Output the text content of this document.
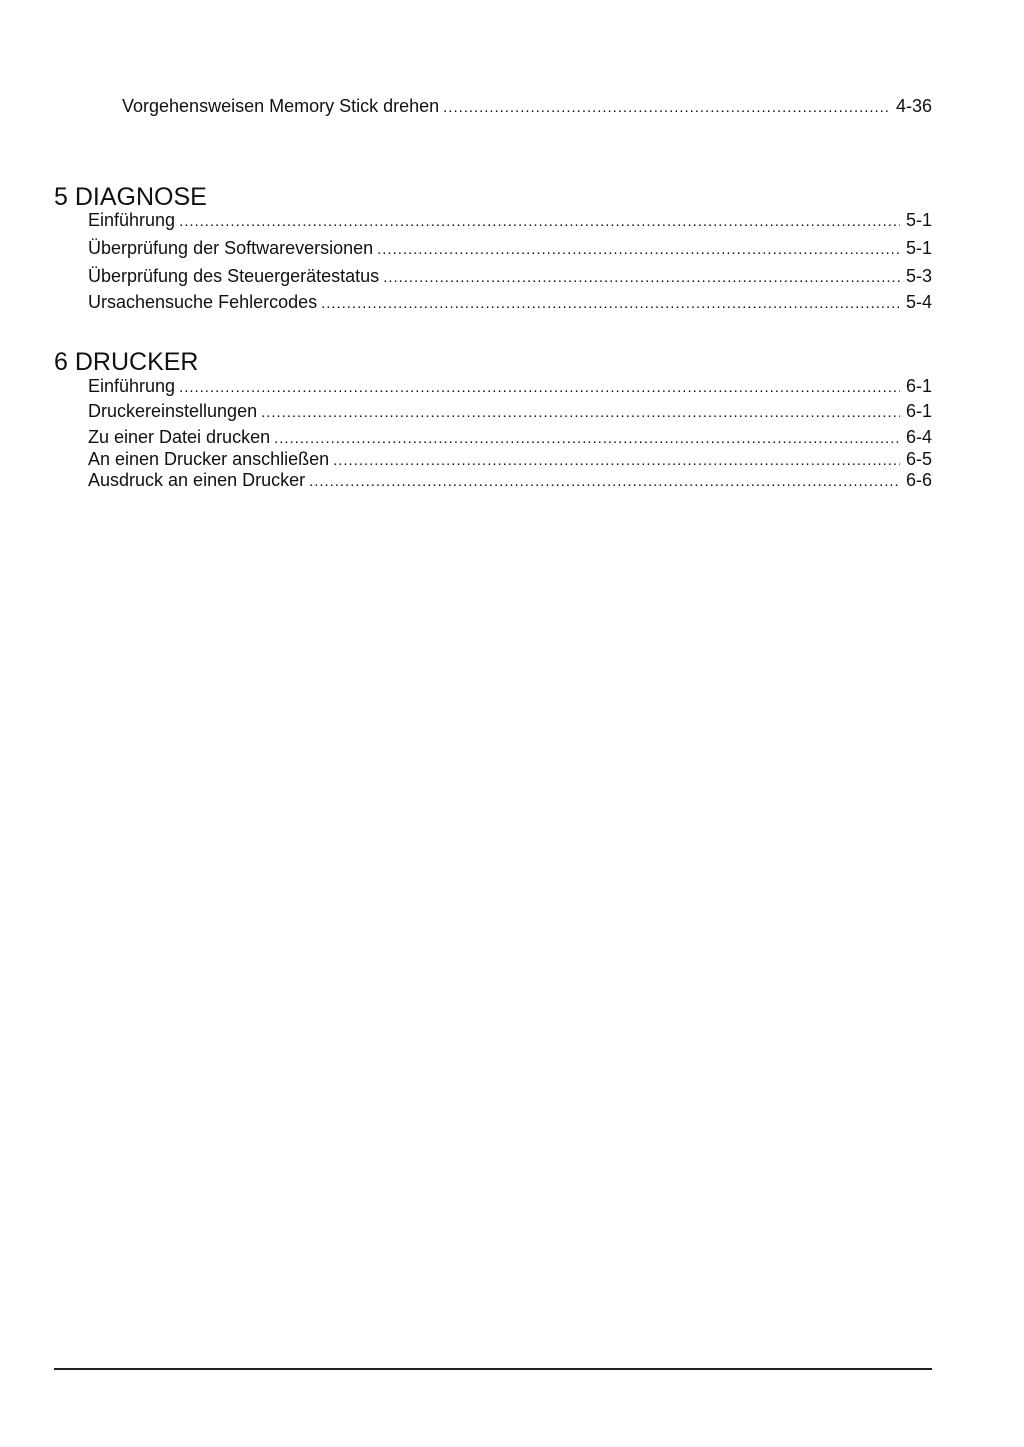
Vorgehensweisen Memory Stick drehen . . .	4-36
5 DIAGNOSE
Einführung . . .	5-1
Überprüfung der Softwareversionen . . .	5-1
Überprüfung des Steuergerätestatus . . .	5-3
Ursachensuche Fehlercodes . . .	5-4
6 DRUCKER
Einführung . . .	6-1
Druckereinstellungen . . .	6-1
Zu einer Datei drucken . . .	6-4
An einen Drucker anschließen . . .	6-5
Ausdruck an einen Drucker . . .	6-6
